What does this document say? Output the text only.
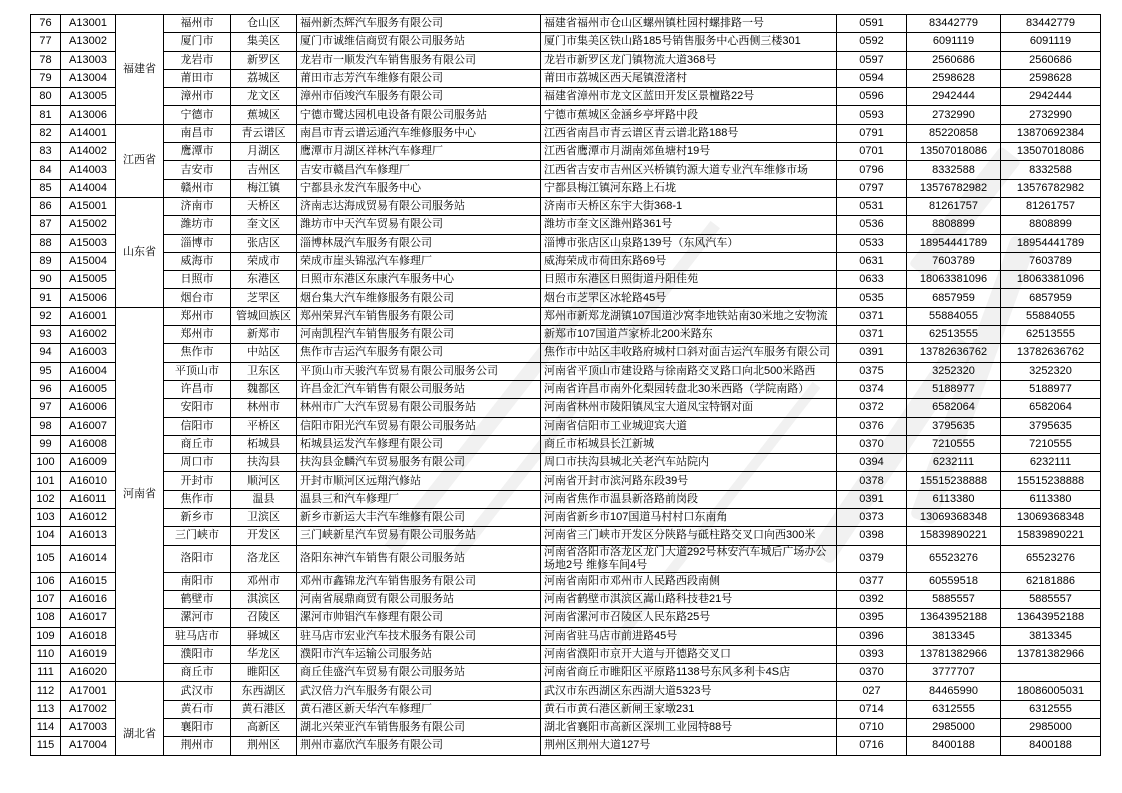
76	A13001	福建省	福州市	仓山区	福州新杰辉汽车服务有限公司	福建省福州市仓山区螺州镇杜园村螺排路一号	0591	83442779	83442779
77	A13002		厦门市	集美区	厦门市诚维信商贸有限公司服务站	厦门市集美区铁山路185号销售服务中心西侧三楼301	0592	6091119	6091119
78	A13003		龙岩市	新罗区	龙岩市一顺发汽车销售服务有限公司	龙岩市新罗区龙门镇物流大道368号	0597	2560686	2560686
79	A13004		莆田市	荔城区	莆田市志芳汽车维修有限公司	莆田市荔城区西天尾镇澄渚村	0594	2598628	2598628
80	A13005		漳州市	龙文区	漳州市佰竣汽车服务有限公司	福建省漳州市龙文区蓝田开发区景檀路22号	0596	2942444	2942444
81	A13006		宁德市	蕉城区	宁德市鹭达园机电设备有限公司服务站	宁德市蕉城区金涵乡亭坪路中段	0593	2732990	2732990
82	A14001	江西省	南昌市	青云谱区	南昌市青云谱运通汽车维修服务中心	江西省南昌市青云谱区青云谱北路188号	0791	85220858	13870692384
83	A14002		鹰潭市	月湖区	鹰潭市月湖区祥林汽车修理厂	江西省鹰潭市月湖南郊鱼塘村19号	0701	13507018086	13507018086
84	A14003		吉安市	吉州区	吉安市赣昌汽车修理厂	江西省吉安市吉州区兴桥镇钓源大道专业汽车维修市场	0796	8332588	8332588
85	A14004		赣州市	梅江镇	宁都县永发汽车服务中心	宁都县梅江镇河东路上石垅	0797	13576782982	13576782982
86	A15001	山东省	济南市	天桥区	济南志达海成贸易有限公司服务站	济南市天桥区东宇大街368-1	0531	81261757	81261757
87	A15002		潍坊市	奎文区	潍坊市中天汽车贸易有限公司	潍坊市奎文区潍州路361号	0536	8808899	8808899
88	A15003		淄博市	张店区	淄博林晟汽车服务有限公司	淄博市张店区山泉路139号（东风汽车）	0533	18954441789	18954441789
89	A15004		威海市	荣成市	荣成市崖头锦泓汽车修理厂	威海荣成市荷田东路69号	0631	7603789	7603789
90	A15005		日照市	东港区	日照市东港区东康汽车服务中心	日照市东港区日照街道丹阳佳苑	0633	18063381096	18063381096
91	A15006		烟台市	芝罘区	烟台集大汽车维修服务有限公司	烟台市芝罘区冰轮路45号	0535	6857959	6857959
92	A16001	河南省	郑州市	管城回族区	郑州荣昇汽车销售服务有限公司	郑州市新郑龙湖镇107国道沙窝李地铁站南30米地之安物流	0371	55884055	55884055
93	A16002		郑州市	新郑市	河南凯程汽车销售服务有限公司	新郑市107国道芦家桥北200米路东	0371	62513555	62513555
94	A16003		焦作市	中站区	焦作市吉运汽车服务有限公司	焦作市中站区丰收路府城村口斜对面吉运汽车服务有限公司	0391	13782636762	13782636762
95	A16004		平顶山市	卫东区	平顶山市天骏汽车贸易有限公司服务公司	河南省平顶山市建设路与徐南路交叉路口向北500米路西	0375	3252320	3252320
96	A16005		许昌市	魏都区	许昌金汇汽车销售有限公司服务站	河南省许昌市南外化梨园转盘北30米西路（学院南路）	0374	5188977	5188977
97	A16006		安阳市	林州市	林州市广大汽车贸易有限公司服务站	河南省林州市陵阳镇凤宝大道凤宝特钢对面	0372	6582064	6582064
98	A16007		信阳市	平桥区	信阳市阳光汽车贸易有限公司服务站	河南省信阳市工业城迎宾大道	0376	3795635	3795635
99	A16008		商丘市	柘城县	柘城县运发汽车修理有限公司	商丘市柘城县长江新城	0370	7210555	7210555
100	A16009		周口市	扶沟县	扶沟县金麟汽车贸易服务有限公司	周口市扶沟县城北关老汽车站院内	0394	6232111	6232111
101	A16010		开封市	顺河区	开封市顺河区远翔汽修站	河南省开封市滨河路东段39号	0378	15515238888	15515238888
102	A16011		焦作市	温县	温县三和汽车修理厂	河南省焦作市温县新洛路前岗段	0391	6113380	6113380
103	A16012		新乡市	卫滨区	新乡市新运大丰汽车维修有限公司	河南省新乡市107国道马村村口东南角	0373	13069368348	13069368348
104	A16013		三门峡市	开发区	三门峡新星汽车贸易有限公司服务站	河南省三门峡市开发区分陕路与砥柱路交叉口向西300米	0398	15839890221	15839890221
105	A16014		洛阳市	洛龙区	洛阳东神汽车销售有限公司服务站	河南省洛阳市洛龙区龙门大道292号林安汽车城后广场办公场地2号 维修车间4号	0379	65523276	65523276
106	A16015		南阳市	邓州市	邓州市鑫锦龙汽车销售服务有限公司	河南省南阳市邓州市人民路西段南侧	0377	60559518	62181886
107	A16016		鹤壁市	淇滨区	河南省展鼎商贸有限公司服务站	河南省鹤壁市淇滨区嵩山路科技巷21号	0392	5885557	5885557
108	A16017		漯河市	召陵区	漯河市帅锠汽车修理有限公司	河南省漯河市召陵区人民东路25号	0395	13643952188	13643952188
109	A16018		驻马店市	驿城区	驻马店市宏业汽车技术服务有限公司	河南省驻马店市前进路45号	0396	3813345	3813345
110	A16019		濮阳市	华龙区	濮阳市汽车运输公司服务站	河南省濮阳市京开大道与开德路交叉口	0393	13781382966	13781382966
111	A16020		商丘市	睢阳区	商丘佳盛汽车贸易有限公司服务站	河南省商丘市睢阳区平原路1138号东风多利卡4S店	0370	3777707	
112	A17001	湖北省	武汉市	东西湖区	武汉倍力汽车服务有限公司	武汉市东西湖区东西湖大道5323号	027	84465990	18086005031
113	A17002		黄石市	黄石港区	黄石港区新天华汽车修理厂	黄石市黄石港区新闸王家墩231	0714	6312555	6312555
114	A17003		襄阳市	高新区	湖北兴荣亚汽车销售服务有限公司	湖北省襄阳市高新区深圳工业园特88号	0710	2985000	2985000
115	A17004		荆州市	荆州区	荆州市嘉欣汽车服务有限公司	荆州区荆州大道127号	0716	8400188	8400188
